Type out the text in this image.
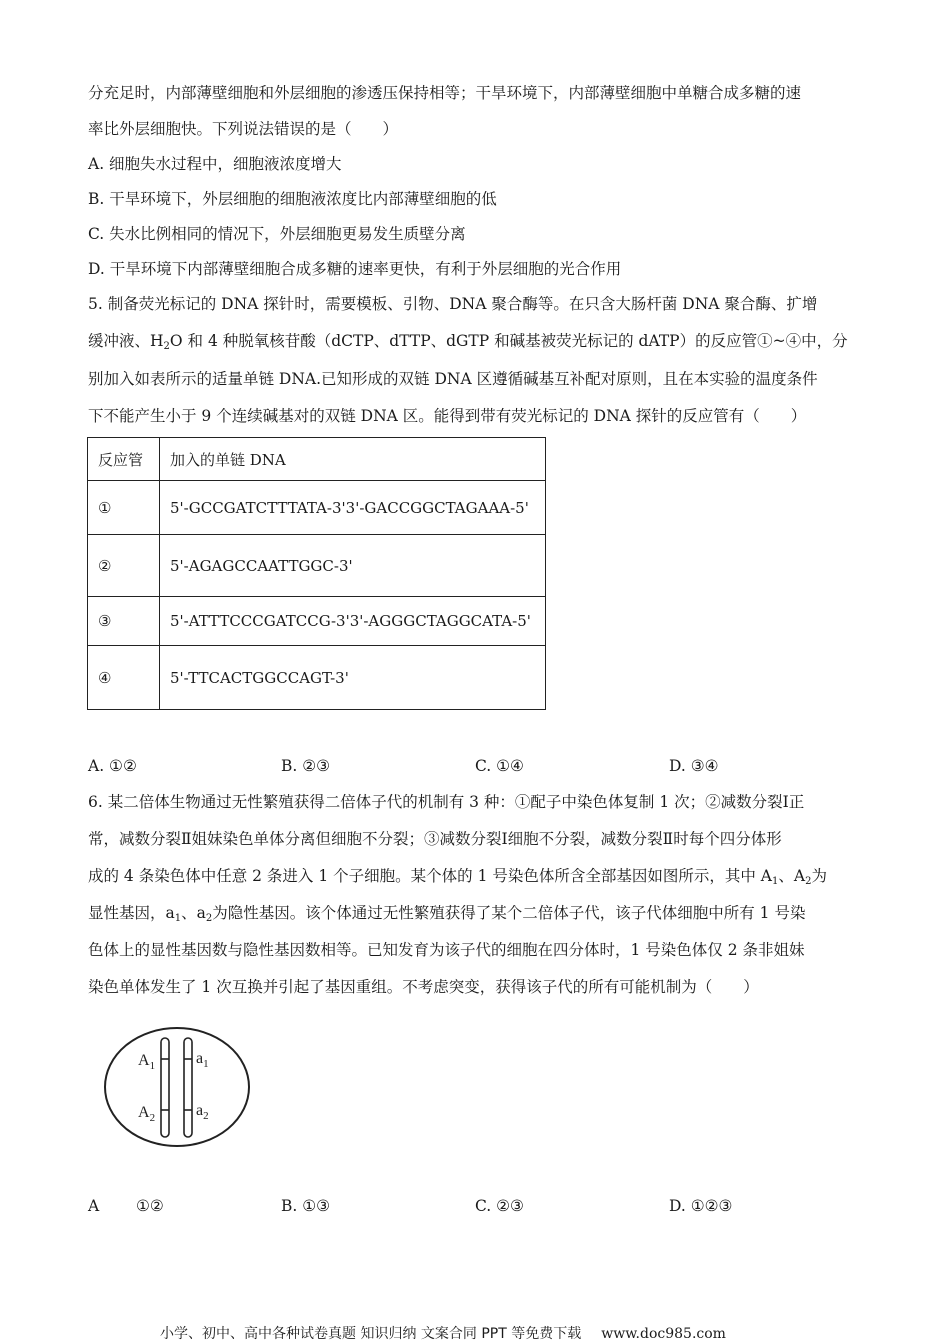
分充足时，内部薄壁细胞和外层细胞的渗透压保持相等；干旱环境下，内部薄壁细胞中单糖合成多糖的速
率比外层细胞快。下列说法错误的是（　　）
A. 细胞失水过程中，细胞液浓度增大
B. 干旱环境下，外层细胞的细胞液浓度比内部薄壁细胞的低
C. 失水比例相同的情况下，外层细胞更易发生质壁分离
D. 干旱环境下内部薄壁细胞合成多糖的速率更快，有利于外层细胞的光合作用
5. 制备荧光标记的 DNA 探针时，需要模板、引物、DNA 聚合酶等。在只含大肠杆菌 DNA 聚合酶、扩增
缓冲液、$H_2O$ 和 4 种脱氧核苷酸（dCTP、dTTP、dGTP 和碱基被荧光标记的 dATP）的反应管①~④中，分
别加入如表所示的适量单链 DNA.已知形成的双链 DNA 区遵循碱基互补配对原则，且在本实验的温度条件
下不能产生小于 9 个连续碱基对的双链 DNA 区。能得到带有荧光标记的 DNA 探针的反应管有（　　）
反应管	加入的单链 DNA
①	5'-GCCGATCTTTATA-3'3'-GACCGGCTAGAAA-5'
②	5'-AGAGCCAATTGGC-3'
③	5'-ATTTCCCGATCCG-3'3'-AGGGCTAGGCATA-5'
④	5'-TTCACTGGCCAGT-3'
A. ①②	B. ②③	C. ①④	D. ③④
6. 某二倍体生物通过无性繁殖获得二倍体子代的机制有 3 种：①配子中染色体复制 1 次；②减数分裂Ⅰ正
常，减数分裂Ⅱ姐妹染色单体分离但细胞不分裂；③减数分裂Ⅰ细胞不分裂，减数分裂Ⅱ时每个四分体形
成的 4 条染色体中任意 2 条进入 1 个子细胞。某个体的 1 号染色体所含全部基因如图所示，其中 $A_1$、$A_2$为
显性基因，$a_1$、$a_2$为隐性基因。该个体通过无性繁殖获得了某个二倍体子代，该子代体细胞中所有 1 号染
色体上的显性基因数与隐性基因数相等。已知发育为该子代的细胞在四分体时，1 号染色体仅 2 条非姐妹
染色单体发生了 1 次互换并引起了基因重组。不考虑突变，获得该子代的所有可能机制为（　　）
$A_1$
$A_2$
$a_1$
$a_2$
A ①②	B. ①③	C. ②③	D. ①②③
小学、初中、高中各种试卷真题 知识归纳 文案合同 PPT 等免费下载 www.doc985.com
